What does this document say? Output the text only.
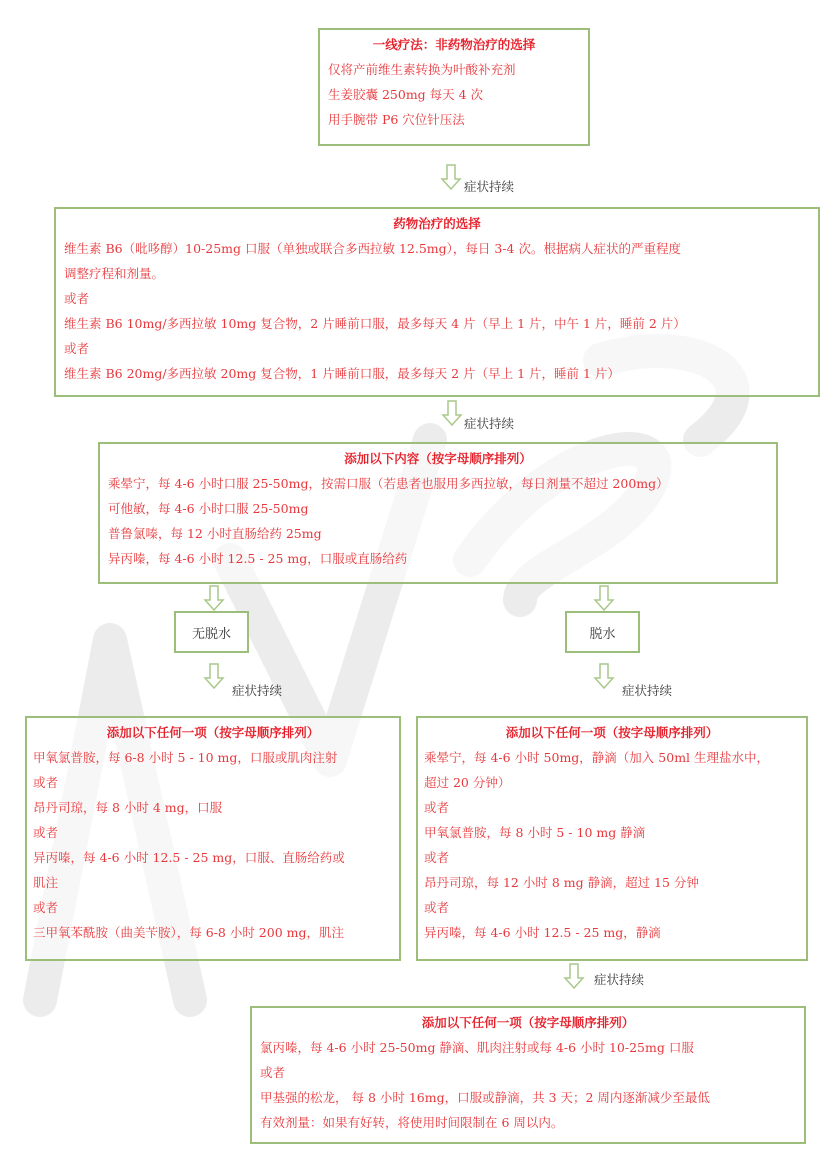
一线疗法：非药物治疗的选择
仅将产前维生素转换为叶酸补充剂
生姜胶囊 250mg 每天 4 次
用手腕带 P6 穴位针压法
症状持续
药物治疗的选择
维生素 B6（吡哆醇）10-25mg 口服（单独或联合多西拉敏 12.5mg），每日 3-4 次。根据病人症状的严重程度
调整疗程和剂量。
或者
维生素 B6 10mg/多西拉敏 10mg 复合物，2 片睡前口服，最多每天 4 片（早上 1 片，中午 1 片，睡前 2 片）
或者
维生素 B6 20mg/多西拉敏 20mg 复合物，1 片睡前口服，最多每天 2 片（早上 1 片，睡前 1 片）
症状持续
添加以下内容（按字母顺序排列）
乘晕宁，每 4-6 小时口服 25-50mg，按需口服（若患者也服用多西拉敏，每日剂量不超过 200mg）
可他敏，每 4-6 小时口服 25-50mg
普鲁氯嗪，每 12 小时直肠给药 25mg
异丙嗪，每 4-6 小时 12.5 - 25 mg，口服或直肠给药
无脱水	脱水
症状持续	症状持续
添加以下任何一项（按字母顺序排列）
甲氧氯普胺，每 6-8 小时 5 - 10 mg，口服或肌肉注射
或者
昂丹司琼，每 8 小时 4 mg，口服
或者
异丙嗪，每 4-6 小时 12.5 - 25 mg，口服、直肠给药或
肌注
或者
三甲氧苯酰胺（曲美苄胺），每 6-8 小时 200 mg，肌注
添加以下任何一项（按字母顺序排列）
乘晕宁，每 4-6 小时 50mg，静滴（加入 50ml 生理盐水中，
超过 20 分钟）
或者
甲氧氯普胺，每 8 小时 5 - 10 mg 静滴
或者
昂丹司琼，每 12 小时 8 mg 静滴，超过 15 分钟
或者
异丙嗪，每 4-6 小时 12.5 - 25 mg，静滴
症状持续
添加以下任何一项（按字母顺序排列）
氯丙嗪，每 4-6 小时 25-50mg 静滴、肌肉注射或每 4-6 小时 10-25mg 口服
或者
甲基强的松龙， 每 8 小时 16mg，口服或静滴，共 3 天；2 周内逐渐减少至最低
有效剂量：如果有好转，将使用时间限制在 6 周以内。
